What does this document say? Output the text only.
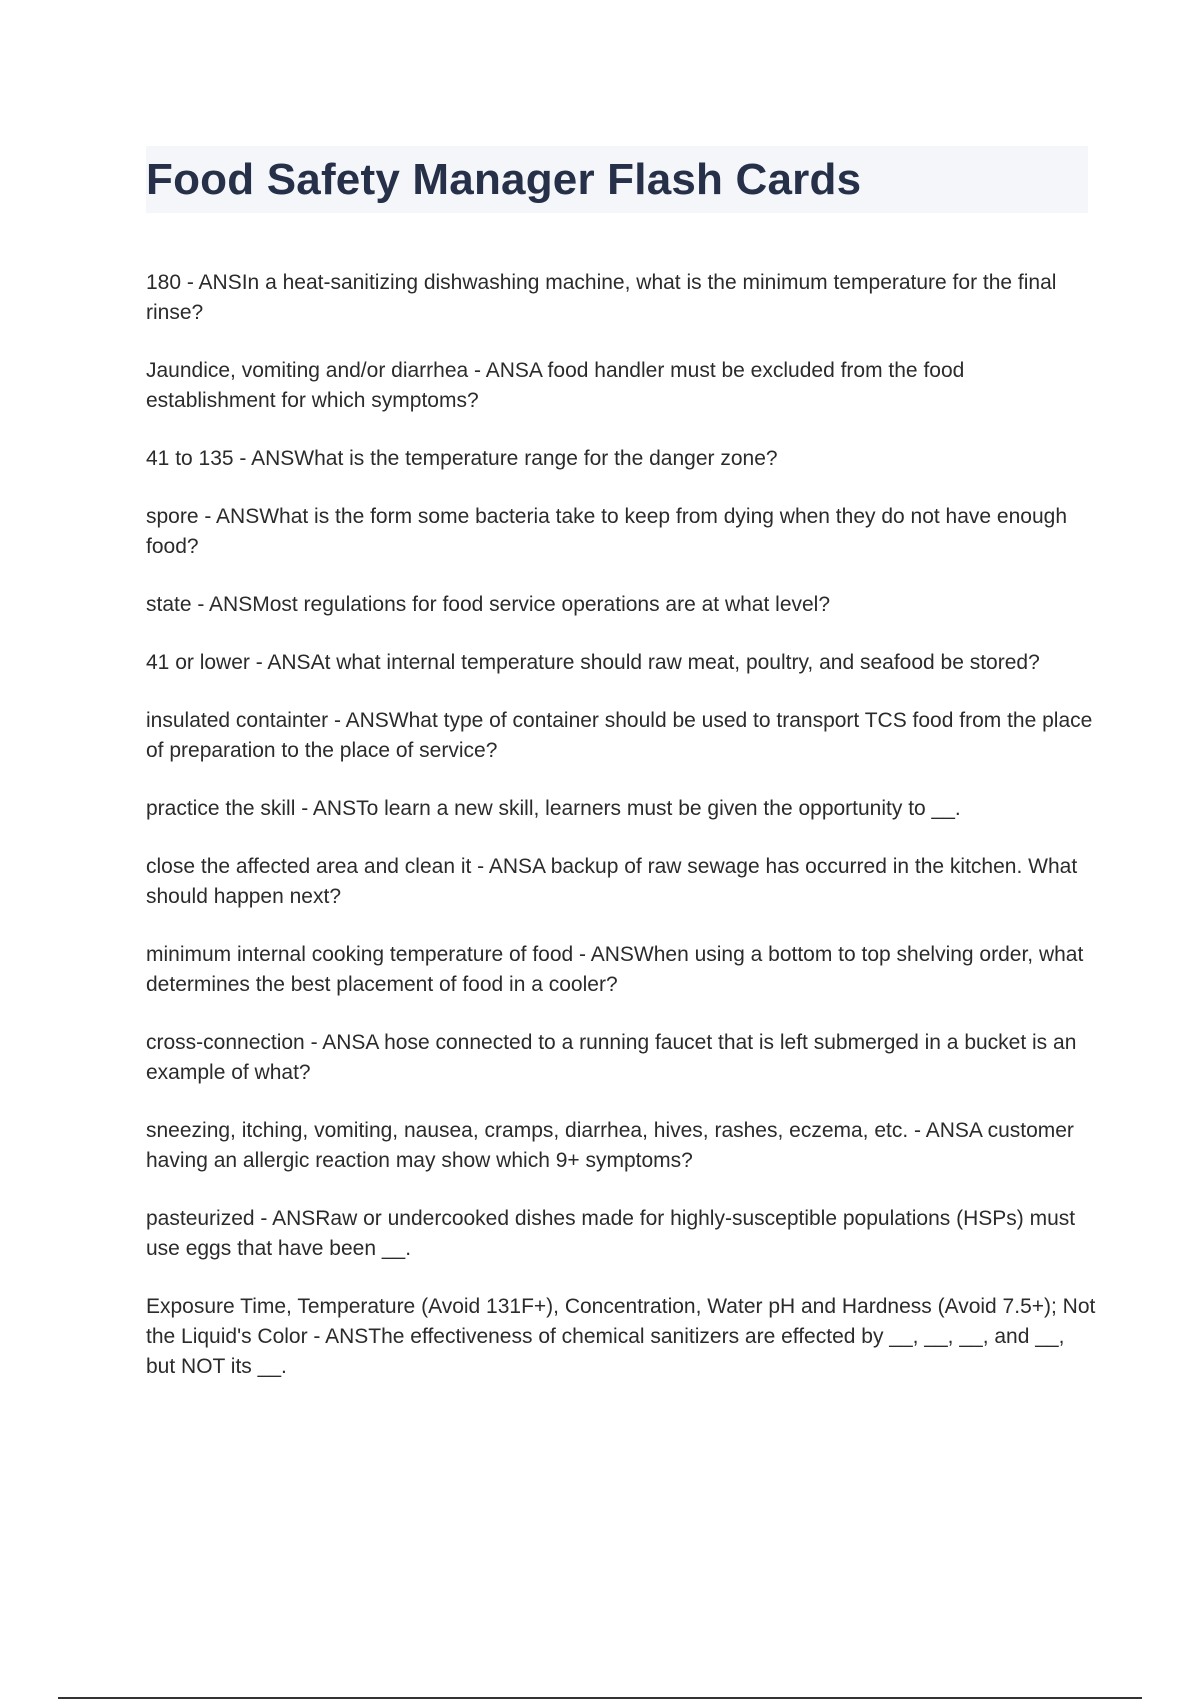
Food Safety Manager Flash Cards
180 - ANSIn a heat-sanitizing dishwashing machine, what is the minimum temperature for the final rinse?
Jaundice, vomiting and/or diarrhea - ANSA food handler must be excluded from the food establishment for which symptoms?
41 to 135 - ANSWhat is the temperature range for the danger zone?
spore - ANSWhat is the form some bacteria take to keep from dying when they do not have enough food?
state - ANSMost regulations for food service operations are at what level?
41 or lower - ANSAt what internal temperature should raw meat, poultry, and seafood be stored?
insulated containter - ANSWhat type of container should be used to transport TCS food from the place of preparation to the place of service?
practice the skill - ANSTo learn a new skill, learners must be given the opportunity to __.
close the affected area and clean it - ANSA backup of raw sewage has occurred in the kitchen. What should happen next?
minimum internal cooking temperature of food - ANSWhen using a bottom to top shelving order, what determines the best placement of food in a cooler?
cross-connection - ANSA hose connected to a running faucet that is left submerged in a bucket is an example of what?
sneezing, itching, vomiting, nausea, cramps, diarrhea, hives, rashes, eczema, etc. - ANSA customer having an allergic reaction may show which 9+ symptoms?
pasteurized - ANSRaw or undercooked dishes made for highly-susceptible populations (HSPs) must use eggs that have been __.
Exposure Time, Temperature (Avoid 131F+), Concentration, Water pH and Hardness (Avoid 7.5+); Not the Liquid's Color - ANSThe effectiveness of chemical sanitizers are effected by __, __, __, and __, but NOT its __.
